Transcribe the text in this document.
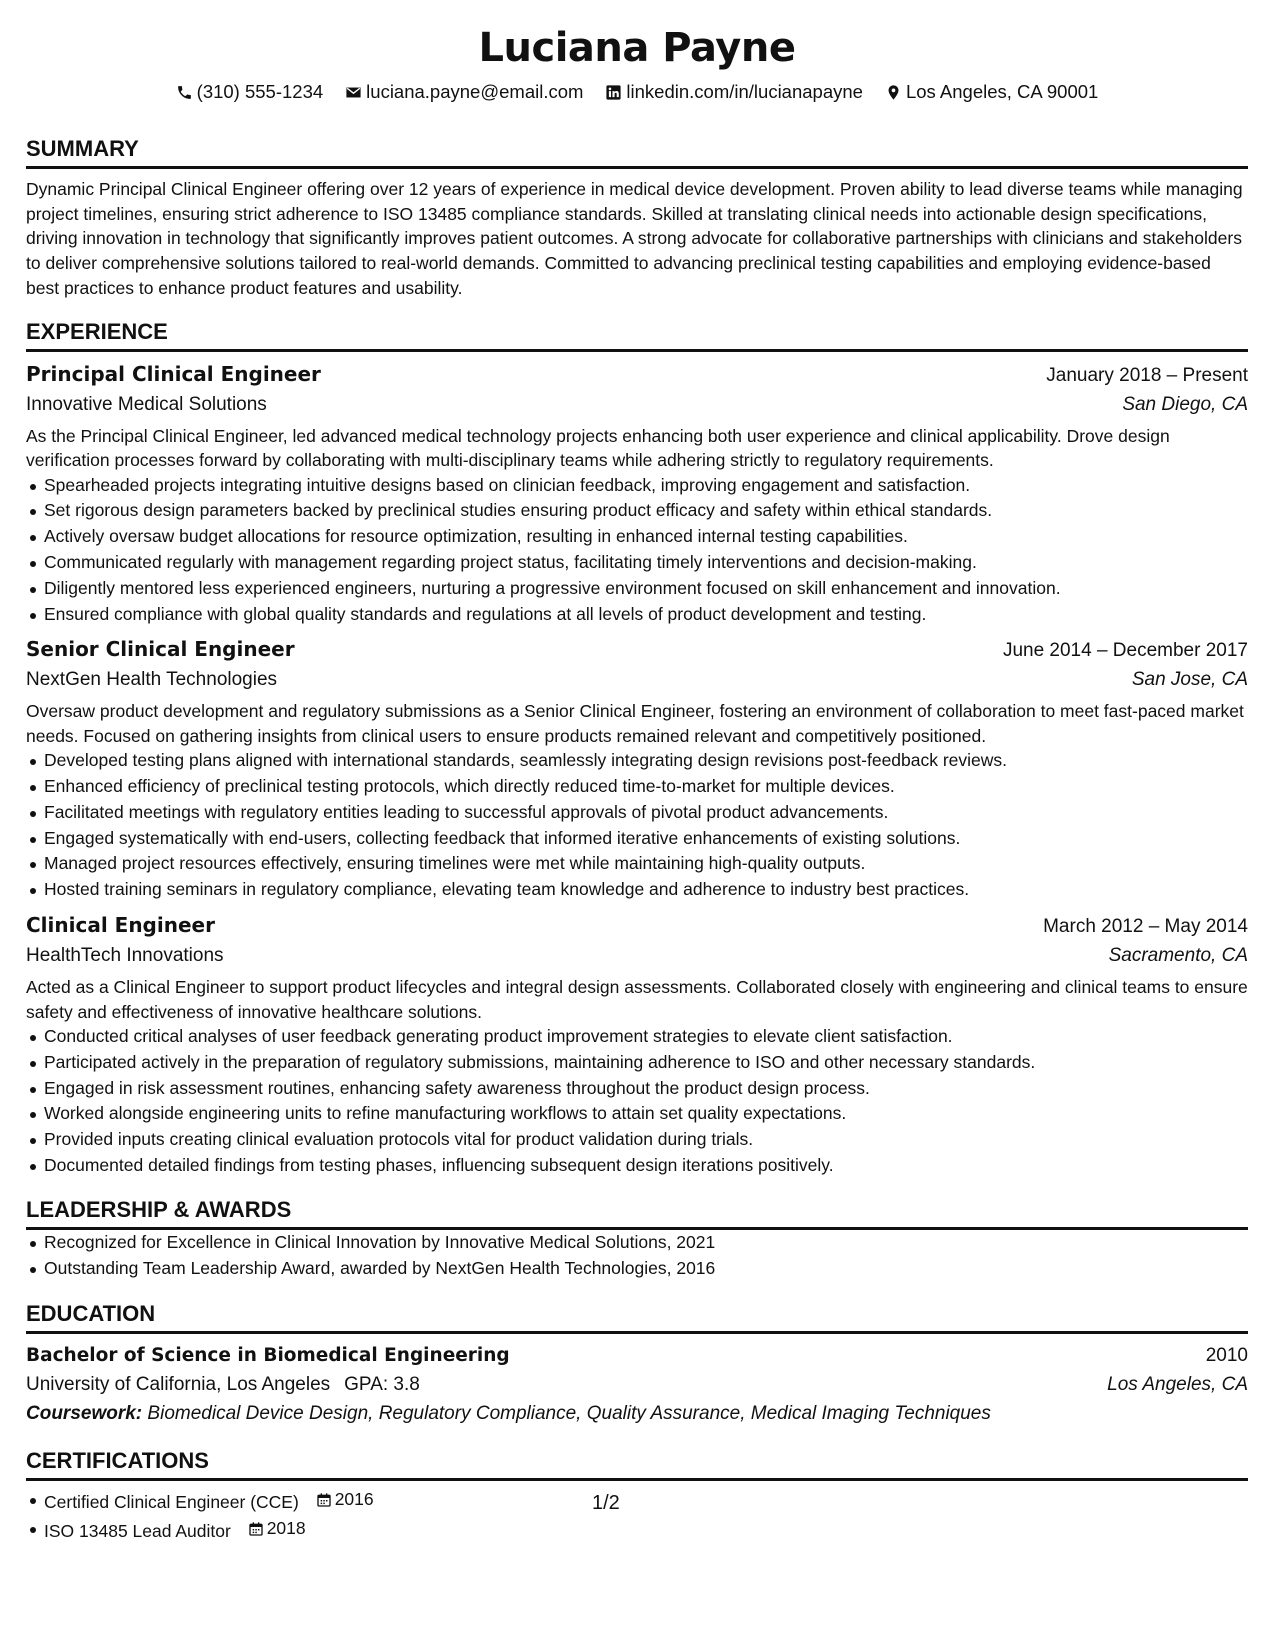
Luciana Payne
(310) 555-1234 luciana.payne@email.com linkedin.com/in/lucianapayne Los Angeles, CA 90001
SUMMARY
Dynamic Principal Clinical Engineer offering over 12 years of experience in medical device development. Proven ability to lead diverse teams while managing project timelines, ensuring strict adherence to ISO 13485 compliance standards. Skilled at translating clinical needs into actionable design specifications, driving innovation in technology that significantly improves patient outcomes. A strong advocate for collaborative partnerships with clinicians and stakeholders to deliver comprehensive solutions tailored to real-world demands. Committed to advancing preclinical testing capabilities and employing evidence-based best practices to enhance product features and usability.
EXPERIENCE
Principal Clinical Engineer	January 2018 – Present
Innovative Medical Solutions	San Diego, CA
As the Principal Clinical Engineer, led advanced medical technology projects enhancing both user experience and clinical applicability. Drove design verification processes forward by collaborating with multi-disciplinary teams while adhering strictly to regulatory requirements.
Spearheaded projects integrating intuitive designs based on clinician feedback, improving engagement and satisfaction.
Set rigorous design parameters backed by preclinical studies ensuring product efficacy and safety within ethical standards.
Actively oversaw budget allocations for resource optimization, resulting in enhanced internal testing capabilities.
Communicated regularly with management regarding project status, facilitating timely interventions and decision-making.
Diligently mentored less experienced engineers, nurturing a progressive environment focused on skill enhancement and innovation.
Ensured compliance with global quality standards and regulations at all levels of product development and testing.
Senior Clinical Engineer	June 2014 – December 2017
NextGen Health Technologies	San Jose, CA
Oversaw product development and regulatory submissions as a Senior Clinical Engineer, fostering an environment of collaboration to meet fast-paced market needs. Focused on gathering insights from clinical users to ensure products remained relevant and competitively positioned.
Developed testing plans aligned with international standards, seamlessly integrating design revisions post-feedback reviews.
Enhanced efficiency of preclinical testing protocols, which directly reduced time-to-market for multiple devices.
Facilitated meetings with regulatory entities leading to successful approvals of pivotal product advancements.
Engaged systematically with end-users, collecting feedback that informed iterative enhancements of existing solutions.
Managed project resources effectively, ensuring timelines were met while maintaining high-quality outputs.
Hosted training seminars in regulatory compliance, elevating team knowledge and adherence to industry best practices.
Clinical Engineer	March 2012 – May 2014
HealthTech Innovations	Sacramento, CA
Acted as a Clinical Engineer to support product lifecycles and integral design assessments. Collaborated closely with engineering and clinical teams to ensure safety and effectiveness of innovative healthcare solutions.
Conducted critical analyses of user feedback generating product improvement strategies to elevate client satisfaction.
Participated actively in the preparation of regulatory submissions, maintaining adherence to ISO and other necessary standards.
Engaged in risk assessment routines, enhancing safety awareness throughout the product design process.
Worked alongside engineering units to refine manufacturing workflows to attain set quality expectations.
Provided inputs creating clinical evaluation protocols vital for product validation during trials.
Documented detailed findings from testing phases, influencing subsequent design iterations positively.
LEADERSHIP & AWARDS
Recognized for Excellence in Clinical Innovation by Innovative Medical Solutions, 2021
Outstanding Team Leadership Award, awarded by NextGen Health Technologies, 2016
EDUCATION
Bachelor of Science in Biomedical Engineering	2010
University of California, Los Angeles GPA: 3.8	Los Angeles, CA
Coursework: Biomedical Device Design, Regulatory Compliance, Quality Assurance, Medical Imaging Techniques
CERTIFICATIONS
Certified Clinical Engineer (CCE) 2016
ISO 13485 Lead Auditor 2018
1/2
